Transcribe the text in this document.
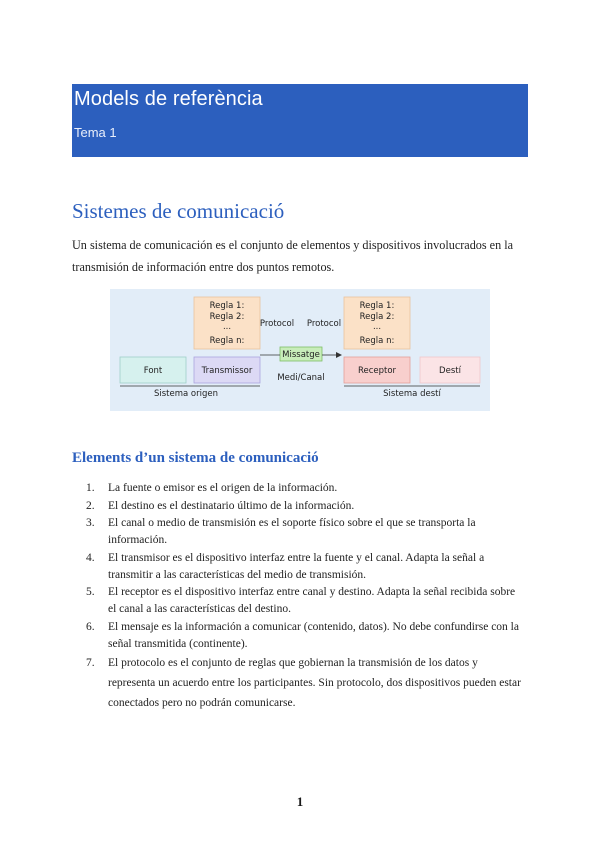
Models de referència
Tema 1
Sistemes de comunicació

Un sistema de comunicación es el conjunto de elementos y dispositivos involucrados en la transmisión de información entre dos puntos remotos.

Regla 1:
Regla 2:
...
Regla n:
Regla 1:
Regla 2:
...
Regla n:
Protocol Protocol
Font	Transmissor
Missatge
Medi/Canal
Receptor	Destí
Sistema origen	Sistema destí
Elements d’un sistema de comunicació
1. La fuente o emisor es el origen de la información.
2. El destino es el destinatario último de la información.
3. El canal o medio de transmisión es el soporte físico sobre el que se transporta la información.
4. El transmisor es el dispositivo interfaz entre la fuente y el canal. Adapta la señal a transmitir a las características del medio de transmisión.
5. El receptor es el dispositivo interfaz entre canal y destino. Adapta la señal recibida sobre el canal a las características del destino.
6. El mensaje es la información a comunicar (contenido, datos). No debe confundirse con la señal transmitida (continente).
7. El protocolo es el conjunto de reglas que gobiernan la transmisión de los datos y representa un acuerdo entre los participantes. Sin protocolo, dos dispositivos pueden estar conectados pero no podrán comunicarse.
1
